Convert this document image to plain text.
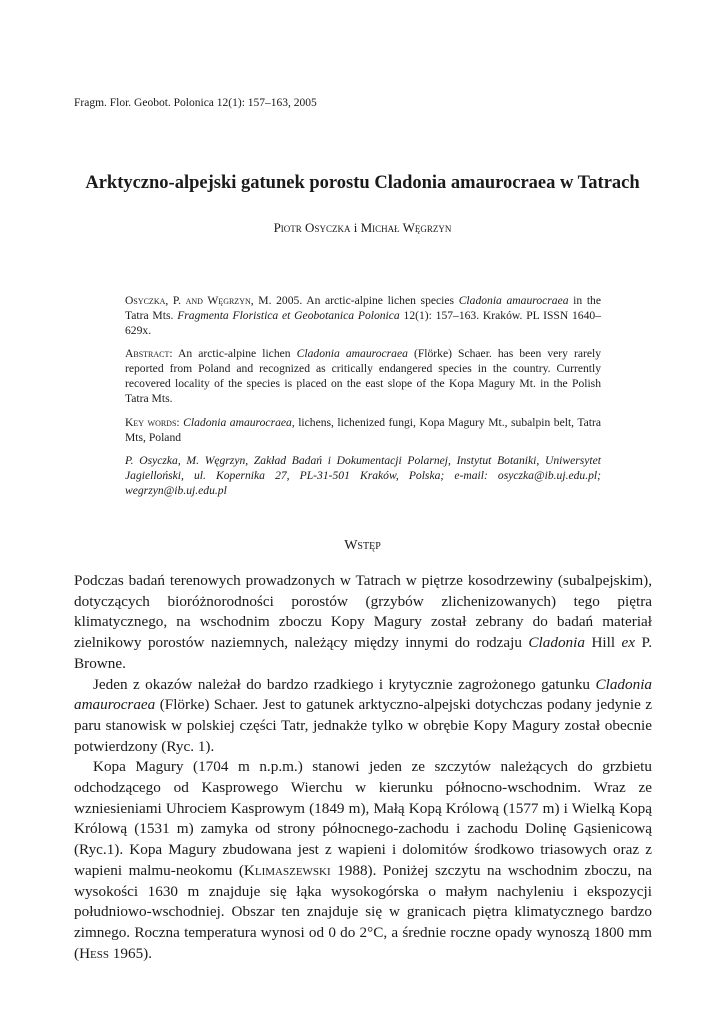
Fragm. Flor. Geobot. Polonica 12(1): 157–163, 2005
Arktyczno-alpejski gatunek porostu Cladonia amaurocraea w Tatrach
Piotr Osyczka i Michał Węgrzyn

Osyczka, P. and Węgrzyn, M. 2005. An arctic-alpine lichen species Cladonia amaurocraea in the Tatra Mts. Fragmenta Floristica et Geobotanica Polonica 12(1): 157–163. Kraków. PL ISSN 1640–629x.

Abstract: An arctic-alpine lichen Cladonia amaurocraea (Flörke) Schaer. has been very rarely reported from Poland and recognized as critically endangered species in the country. Currently recovered locality of the species is placed on the east slope of the Kopa Magury Mt. in the Polish Tatra Mts.

Key words: Cladonia amaurocraea, lichens, lichenized fungi, Kopa Magury Mt., subalpin belt, Tatra Mts, Poland

P. Osyczka, M. Węgrzyn, Zakład Badań i Dokumentacji Polarnej, Instytut Botaniki, Uniwersytet Jagielloński, ul. Kopernika 27, PL-31-501 Kraków, Polska; e-mail: osyczka@ib.uj.edu.pl; wegrzyn@ib.uj.edu.pl

Wstęp

Podczas badań terenowych prowadzonych w Tatrach w piętrze kosodrzewiny (subalpejskim), dotyczących bioróżnorodności porostów (grzybów zlichenizowanych) tego piętra klimatycznego, na wschodnim zboczu Kopy Magury został zebrany do badań materiał zielnikowy porostów naziemnych, należący między innymi do rodzaju Cladonia Hill ex P. Browne.

Jeden z okazów należał do bardzo rzadkiego i krytycznie zagrożonego gatunku Cladonia amaurocraea (Flörke) Schaer. Jest to gatunek arktyczno-alpejski dotychczas podany jedynie z paru stanowisk w polskiej części Tatr, jednakże tylko w obrębie Kopy Magury został obecnie potwierdzony (Ryc. 1).

Kopa Magury (1704 m n.p.m.) stanowi jeden ze szczytów należących do grzbietu odchodzącego od Kasprowego Wierchu w kierunku północno-wschodnim. Wraz ze wzniesieniami Uhrociem Kasprowym (1849 m), Małą Kopą Królową (1577 m) i Wielką Kopą Królową (1531 m) zamyka od strony północnego-zachodu i zachodu Dolinę Gąsienicową (Ryc.1). Kopa Magury zbudowana jest z wapieni i dolomitów środkowo triasowych oraz z wapieni malmu-neokomu (Klimaszewski 1988). Poniżej szczytu na wschodnim zboczu, na wysokości 1630 m znajduje się łąka wysokogórska o małym nachyleniu i ekspozycji południowo-wschodniej. Obszar ten znajduje się w granicach piętra klimatycznego bardzo zimnego. Roczna temperatura wynosi od 0 do 2°C, a średnie roczne opady wynoszą 1800 mm (Hess 1965).
